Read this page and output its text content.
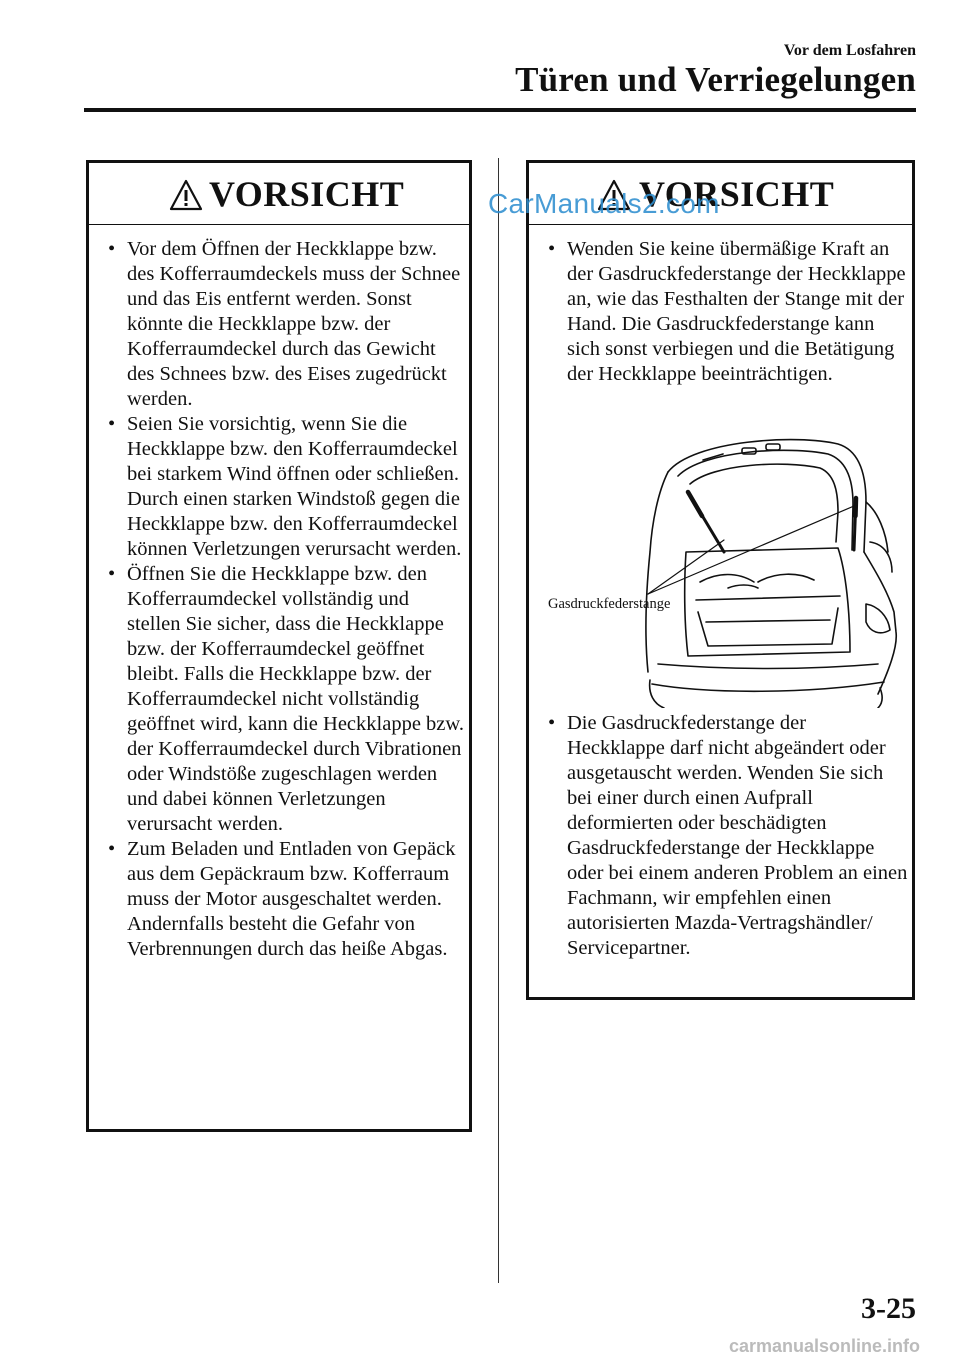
Vor dem Losfahren
Türen und Verriegelungen
VORSICHT
• Vor dem Öffnen der Heckklappe bzw. des Kofferraumdeckels muss der Schnee und das Eis entfernt werden. Sonst könnte die Heckklappe bzw. der Kofferraumdeckel durch das Gewicht des Schnees bzw. des Eises zugedrückt werden.
• Seien Sie vorsichtig, wenn Sie die Heckklappe bzw. den Kofferraumdeckel bei starkem Wind öffnen oder schließen. Durch einen starken Windstoß gegen die Heckklappe bzw. den Kofferraumdeckel können Verletzungen verursacht werden.
• Öffnen Sie die Heckklappe bzw. den Kofferraumdeckel vollständig und stellen Sie sicher, dass die Heckklappe bzw. der Kofferraumdeckel geöffnet bleibt. Falls die Heckklappe bzw. der Kofferraumdeckel nicht vollständig geöffnet wird, kann die Heckklappe bzw. der Kofferraumdeckel durch Vibrationen oder Windstöße zugeschlagen werden und dabei können Verletzungen verursacht werden.
• Zum Beladen und Entladen von Gepäck aus dem Gepäckraum bzw. Kofferraum muss der Motor ausgeschaltet werden. Andernfalls besteht die Gefahr von Verbrennungen durch das heiße Abgas.
VORSICHT
• Wenden Sie keine übermäßige Kraft an der Gasdruckfederstange der Heckklappe an, wie das Festhalten der Stange mit der Hand. Die Gasdruckfederstange kann sich sonst verbiegen und die Betätigung der Heckklappe beeinträchtigen.
• Die Gasdruckfederstange der Heckklappe darf nicht abgeändert oder ausgetauscht werden. Wenden Sie sich bei einer durch einen Aufprall deformierten oder beschädigten Gasdruckfederstange der Heckklappe oder bei einem anderen Problem an einen Fachmann, wir empfehlen einen autorisierten Mazda-Vertragshändler/ Servicepartner.
Gasdruckfederstange
CarManuals2.com
3-25
carmanualsonline.info
